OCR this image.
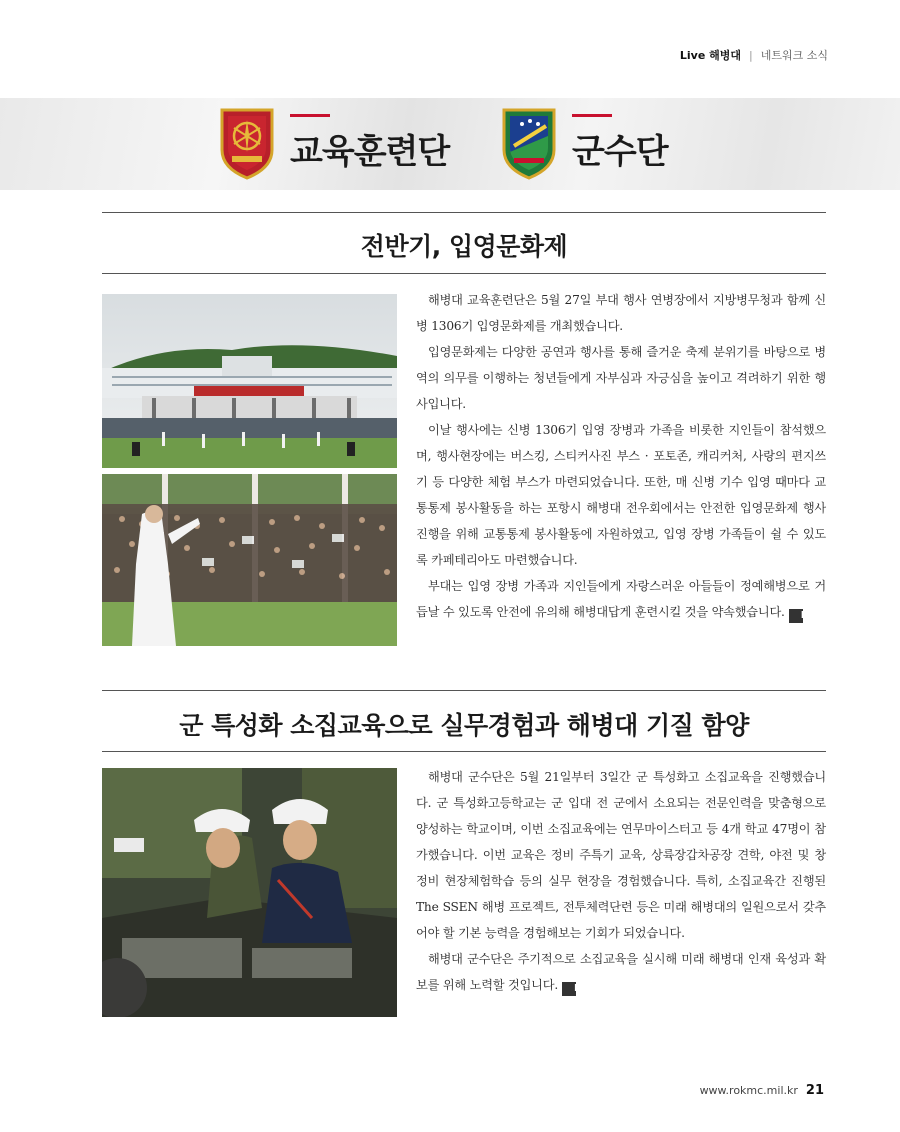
Live 해병대 | 네트워크 소식
교육훈련단	군수단
전반기, 입영문화제

해병대 교육훈련단은 5월 27일 부대 행사 연병장에서 지방병무청과 함께 신병 1306기 입영문화제를 개최했습니다.

입영문화제는 다양한 공연과 행사를 통해 즐거운 축제 분위기를 바탕으로 병역의 의무를 이행하는 청년들에게 자부심과 자긍심을 높이고 격려하기 위한 행사입니다.

이날 행사에는 신병 1306기 입영 장병과 가족을 비롯한 지인들이 참석했으며, 행사현장에는 버스킹, 스티커사진 부스 · 포토존, 캐리커처, 사랑의 편지쓰기 등 다양한 체험 부스가 마련되었습니다. 또한, 매 신병 기수 입영 때마다 교통통제 봉사활동을 하는 포항시 해병대 전우회에서는 안전한 입영문화제 행사진행을 위해 교통통제 봉사활동에 자원하였고, 입영 장병 가족들이 쉴 수 있도록 카페테리아도 마련했습니다.

부대는 입영 장병 가족과 지인들에게 자랑스러운 아들들이 정예해병으로 거듭날 수 있도록 안전에 유의해 해병대답게 훈련시킬 것을 약속했습니다. M

군 특성화 소집교육으로 실무경험과 해병대 기질 함양

해병대 군수단은 5월 21일부터 3일간 군 특성화고 소집교육을 진행했습니다. 군 특성화고등학교는 군 입대 전 군에서 소요되는 전문인력을 맞춤형으로 양성하는 학교이며, 이번 소집교육에는 연무마이스터고 등 4개 학교 47명이 참가했습니다. 이번 교육은 정비 주특기 교육, 상륙장갑차공장 견학, 야전 및 창 정비 현장체험학습 등의 실무 현장을 경험했습니다. 특히, 소집교육간 진행된 The SSEN 해병 프로젝트, 전투체력단련 등은 미래 해병대의 일원으로서 갖추어야 할 기본 능력을 경험해보는 기회가 되었습니다.

해병대 군수단은 주기적으로 소집교육을 실시해 미래 해병대 인재 육성과 확보를 위해 노력할 것입니다. M

www.rokmc.mil.kr 21
